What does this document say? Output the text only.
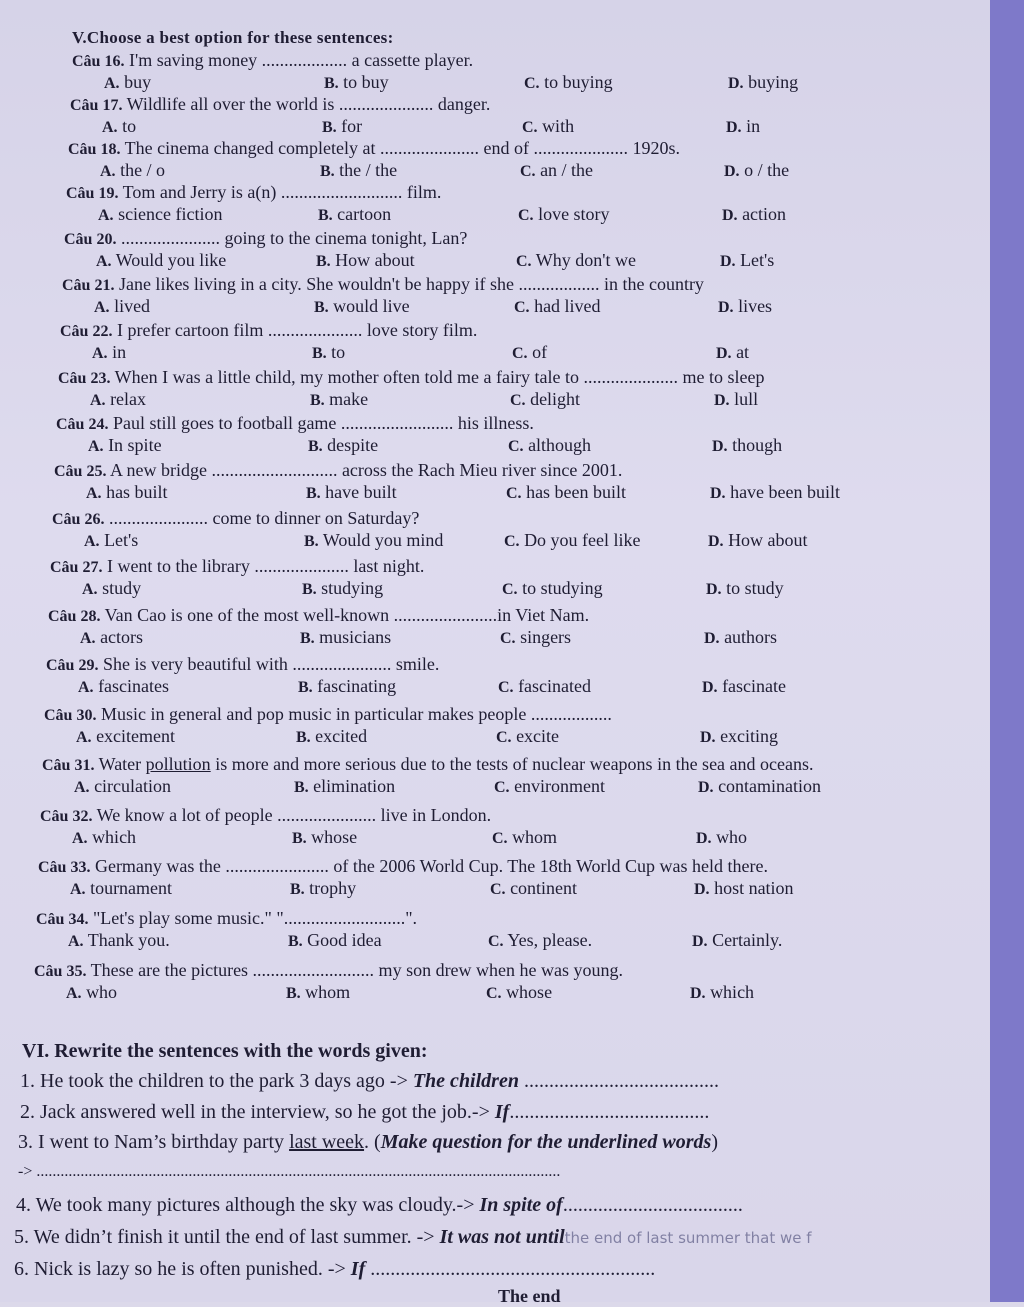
V.Choose a best option for these sentences:
Câu 16. I'm saving money ................... a cassette player.
A. buy	B. to buy	C. to buying	D. buying
Câu 17. Wildlife all over the world is ..................... danger.
A. to	B. for	C. with	D. in
Câu 18. The cinema changed completely at ...................... end of ..................... 1920s.
A. the / o	B. the / the	C. an / the	D. o / the
Câu 19. Tom and Jerry is a(n) ........................... film.
A. science fiction	B. cartoon	C. love story	D. action
Câu 20. ...................... going to the cinema tonight, Lan?
A. Would you like	B. How about	C. Why don't we	D. Let's
Câu 21. Jane likes living in a city. She wouldn't be happy if she .................. in the country
A. lived	B. would live	C. had lived	D. lives
Câu 22. I prefer cartoon film ..................... love story film.
A. in	B. to	C. of	D. at
Câu 23. When I was a little child, my mother often told me a fairy tale to ..................... me to sleep
A. relax	B. make	C. delight	D. lull
Câu 24. Paul still goes to football game ......................... his illness.
A. In spite	B. despite	C. although	D. though
Câu 25. A new bridge ............................ across the Rach Mieu river since 2001.
A. has built	B. have built	C. has been built	D. have been built
Câu 26. ...................... come to dinner on Saturday?
A. Let's	B. Would you mind	C. Do you feel like	D. How about
Câu 27. I went to the library ..................... last night.
A. study	B. studying	C. to studying	D. to study
Câu 28. Van Cao is one of the most well-known .......................in Viet Nam.
A. actors	B. musicians	C. singers	D. authors
Câu 29. She is very beautiful with ...................... smile.
A. fascinates	B. fascinating	C. fascinated	D. fascinate
Câu 30. Music in general and pop music in particular makes people ..................
A. excitement	B. excited	C. excite	D. exciting
Câu 31. Water pollution is more and more serious due to the tests of nuclear weapons in the sea and oceans.
A. circulation	B. elimination	C. environment	D. contamination
Câu 32. We know a lot of people ...................... live in London.
A. which	B. whose	C. whom	D. who
Câu 33. Germany was the ....................... of the 2006 World Cup. The 18th World Cup was held there.
A. tournament	B. trophy	C. continent	D. host nation
Câu 34. "Let's play some music." "...........................".
A. Thank you.	B. Good idea	C. Yes, please.	D. Certainly.
Câu 35. These are the pictures ........................... my son drew when he was young.
A. who	B. whom	C. whose	D. which
VI. Rewrite the sentences with the words given:
1. He took the children to the park 3 days ago -> The children .......................................
2. Jack answered well in the interview, so he got the job.-> If........................................
3. I went to Nam’s birthday party last week. (Make question for the underlined words)
-> ...................................................................................................................................
4. We took many pictures although the sky was cloudy.-> In spite of....................................
5. We didn’t finish it until the end of last summer. -> It was not untilthe end of last summer that we f
6. Nick is lazy so he is often punished. -> If .........................................................
The end
